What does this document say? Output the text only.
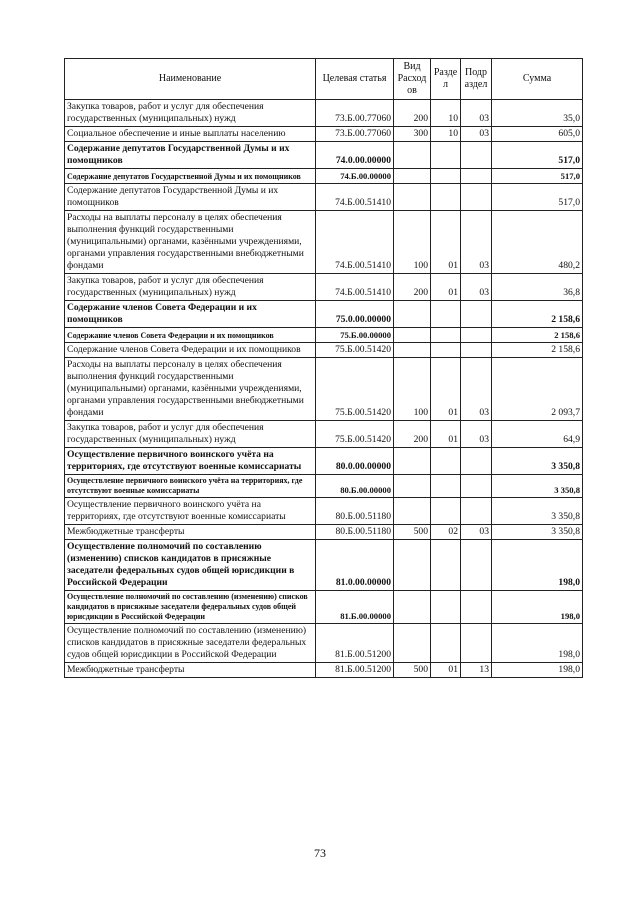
Наименование	Целевая статья	Вид Расход ов	Разде л	Подр аздел	Сумма
Закупка товаров, работ и услуг для обеспечения государственных (муниципальных) нужд	73.Б.00.77060	200	10	03	35,0
Социальное обеспечение и иные выплаты населению	73.Б.00.77060	300	10	03	605,0
Содержание депутатов Государственной Думы и их помощников	74.0.00.00000				517,0
Содержание депутатов Государственной Думы и их помощников	74.Б.00.00000				517,0
Содержание депутатов Государственной Думы и их помощников	74.Б.00.51410				517,0
Расходы на выплаты персоналу в целях обеспечения выполнения функций государственными (муниципальными) органами, казёнными учреждениями, органами управления государственными внебюджетными фондами	74.Б.00.51410	100	01	03	480,2
Закупка товаров, работ и услуг для обеспечения государственных (муниципальных) нужд	74.Б.00.51410	200	01	03	36,8
Содержание членов Совета Федерации и их помощников	75.0.00.00000				2 158,6
Содержание членов Совета Федерации и их помощников	75.Б.00.00000				2 158,6
Содержание членов Совета Федерации и их помощников	75.Б.00.51420				2 158,6
Расходы на выплаты персоналу в целях обеспечения выполнения функций государственными (муниципальными) органами, казёнными учреждениями, органами управления государственными внебюджетными фондами	75.Б.00.51420	100	01	03	2 093,7
Закупка товаров, работ и услуг для обеспечения государственных (муниципальных) нужд	75.Б.00.51420	200	01	03	64,9
Осуществление первичного воинского учёта на территориях, где отсутствуют военные комиссариаты	80.0.00.00000				3 350,8
Осуществление первичного воинского учёта на территориях, где отсутствуют военные комиссариаты	80.Б.00.00000				3 350,8
Осуществление первичного воинского учёта на территориях, где отсутствуют военные комиссариаты	80.Б.00.51180				3 350,8
Межбюджетные трансферты	80.Б.00.51180	500	02	03	3 350,8
Осуществление полномочий по составлению (изменению) списков кандидатов в присяжные заседатели федеральных судов общей юрисдикции в Российской Федерации	81.0.00.00000				198,0
Осуществление полномочий по составлению (изменению) списков кандидатов в присяжные заседатели федеральных судов общей юрисдикции в Российской Федерации	81.Б.00.00000				198,0
Осуществление полномочий по составлению (изменению) списков кандидатов в присяжные заседатели федеральных судов общей юрисдикции в Российской Федерации	81.Б.00.51200				198,0
Межбюджетные трансферты	81.Б.00.51200	500	01	13	198,0
73
